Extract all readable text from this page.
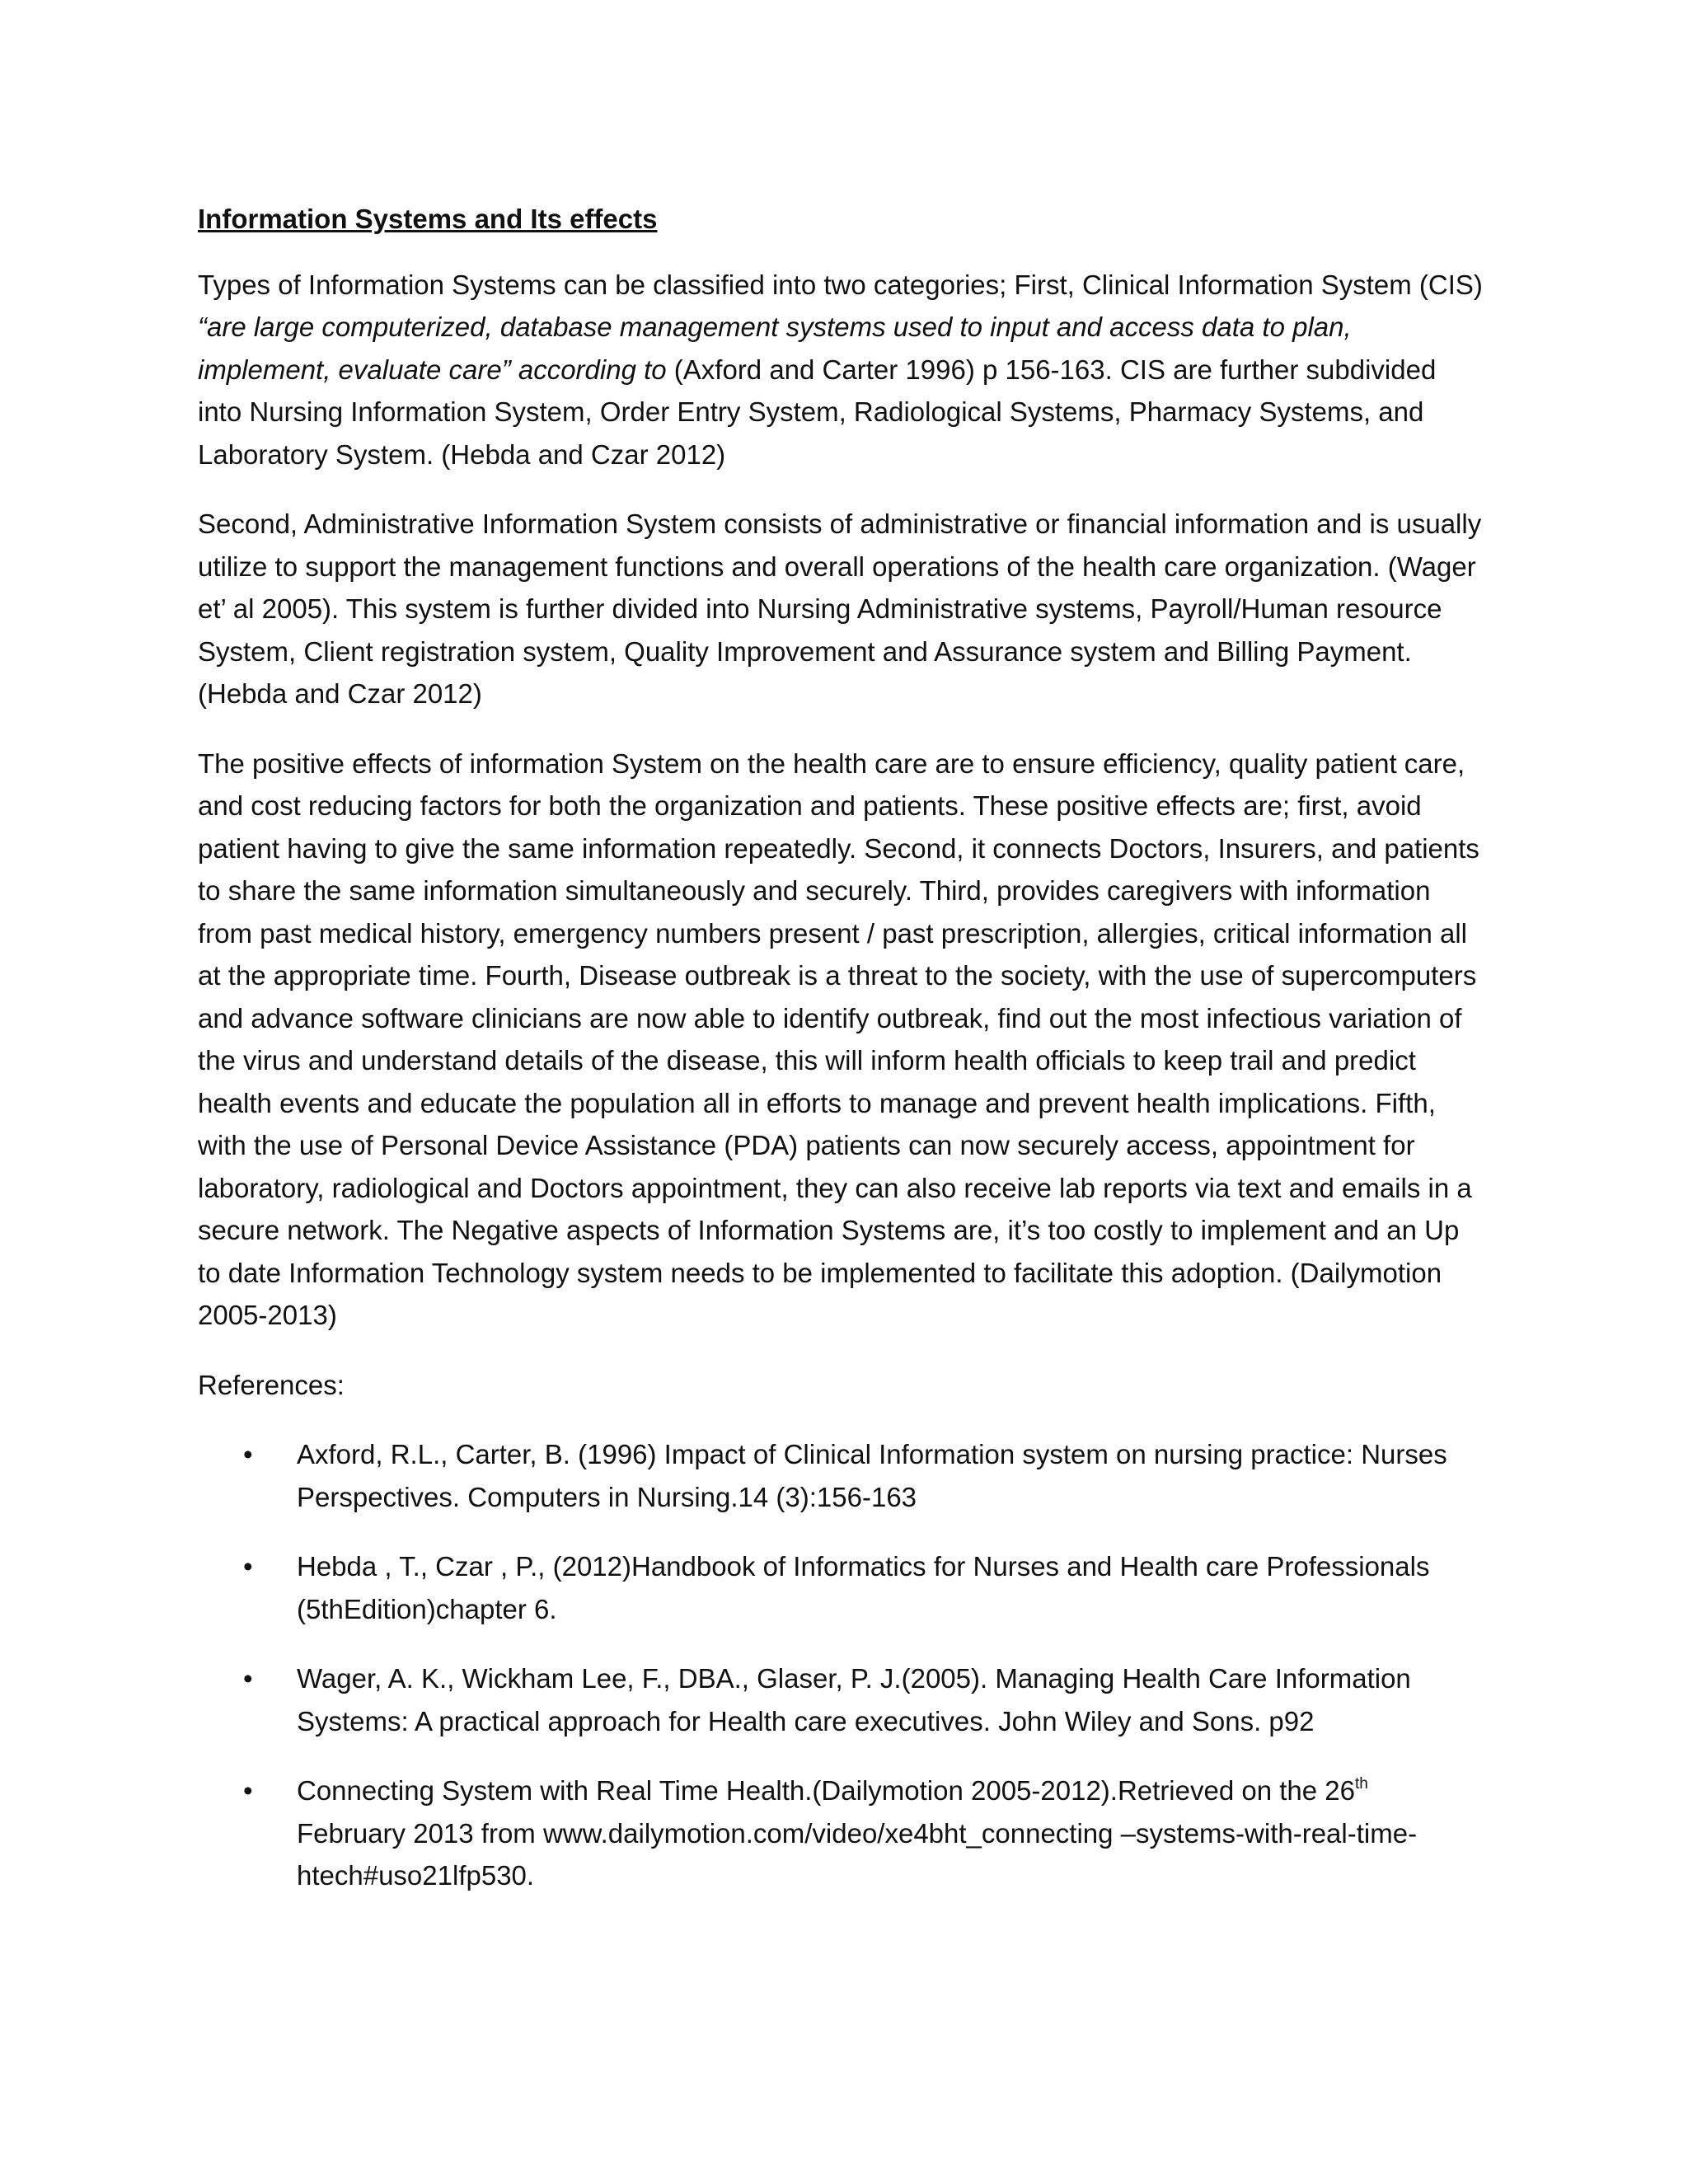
Information Systems and Its effects

Types of Information Systems can be classified into two categories; First, Clinical Information System (CIS) “are large computerized, database management systems used to input and access data to plan, implement, evaluate care” according to (Axford and Carter 1996) p 156-163. CIS are further subdivided into Nursing Information System, Order Entry System, Radiological Systems, Pharmacy Systems, and Laboratory System. (Hebda and Czar 2012)

Second, Administrative Information System consists of administrative or financial information and is usually utilize to support the management functions and overall operations of the health care organization. (Wager et’ al 2005). This system is further divided into Nursing Administrative systems, Payroll/Human resource System, Client registration system, Quality Improvement and Assurance system and Billing Payment. (Hebda and Czar 2012)

The positive effects of information System on the health care are to ensure efficiency, quality patient care, and cost reducing factors for both the organization and patients. These positive effects are; first, avoid patient having to give the same information repeatedly. Second, it connects Doctors, Insurers, and patients to share the same information simultaneously and securely. Third, provides caregivers with information from past medical history, emergency numbers present / past prescription, allergies, critical information all at the appropriate time. Fourth, Disease outbreak is a threat to the society, with the use of supercomputers and advance software clinicians are now able to identify outbreak, find out the most infectious variation of the virus and understand details of the disease, this will inform health officials to keep trail and predict health events and educate the population all in efforts to manage and prevent health implications. Fifth, with the use of Personal Device Assistance (PDA) patients can now securely access, appointment for laboratory, radiological and Doctors appointment, they can also receive lab reports via text and emails in a secure network. The Negative aspects of Information Systems are, it’s too costly to implement and an Up to date Information Technology system needs to be implemented to facilitate this adoption. (Dailymotion 2005-2013)

References:
• Axford, R.L., Carter, B. (1996) Impact of Clinical Information system on nursing practice: Nurses Perspectives. Computers in Nursing.14 (3):156-163
• Hebda , T., Czar , P., (2012)Handbook of Informatics for Nurses and Health care Professionals (5thEdition)chapter 6.
• Wager, A. K., Wickham Lee, F., DBA., Glaser, P. J.(2005). Managing Health Care Information Systems: A practical approach for Health care executives. John Wiley and Sons. p92
• Connecting System with Real Time Health.(Dailymotion 2005-2012).Retrieved on the 26th February 2013 from www.dailymotion.com/video/xe4bht_connecting –systems-with-real-time-htech#uso21lfp530.
